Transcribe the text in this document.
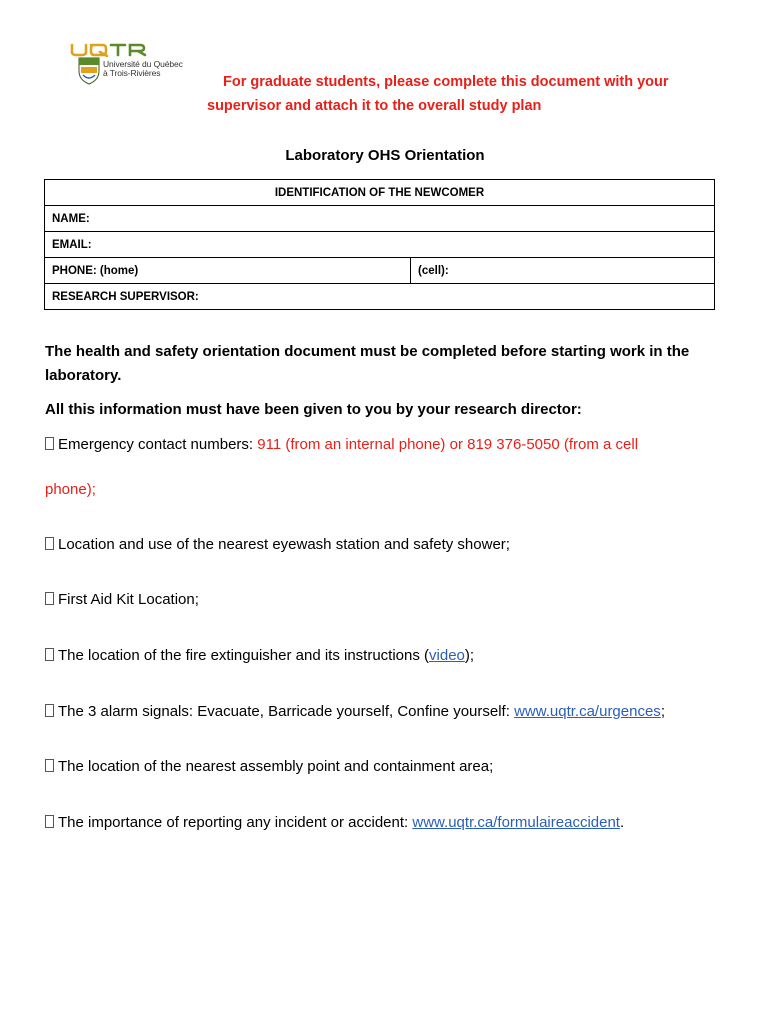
Université du Québec
à Trois-Rivières
For graduate students, please complete this document with your
supervisor and attach it to the overall study plan
Laboratory OHS Orientation
IDENTIFICATION OF THE NEWCOMER
NAME:
EMAIL:
PHONE: (home)	(cell):
RESEARCH SUPERVISOR:
The health and safety orientation document must be completed before starting work in the laboratory.
All this information must have been given to you by your research director:
Emergency contact numbers: 911 (from an internal phone) or 819 376-5050 (from a cell
phone);
Location and use of the nearest eyewash station and safety shower;
First Aid Kit Location;
The location of the fire extinguisher and its instructions (video);
The 3 alarm signals: Evacuate, Barricade yourself, Confine yourself: www.uqtr.ca/urgences;
The location of the nearest assembly point and containment area;
The importance of reporting any incident or accident: www.uqtr.ca/formulaireaccident.
